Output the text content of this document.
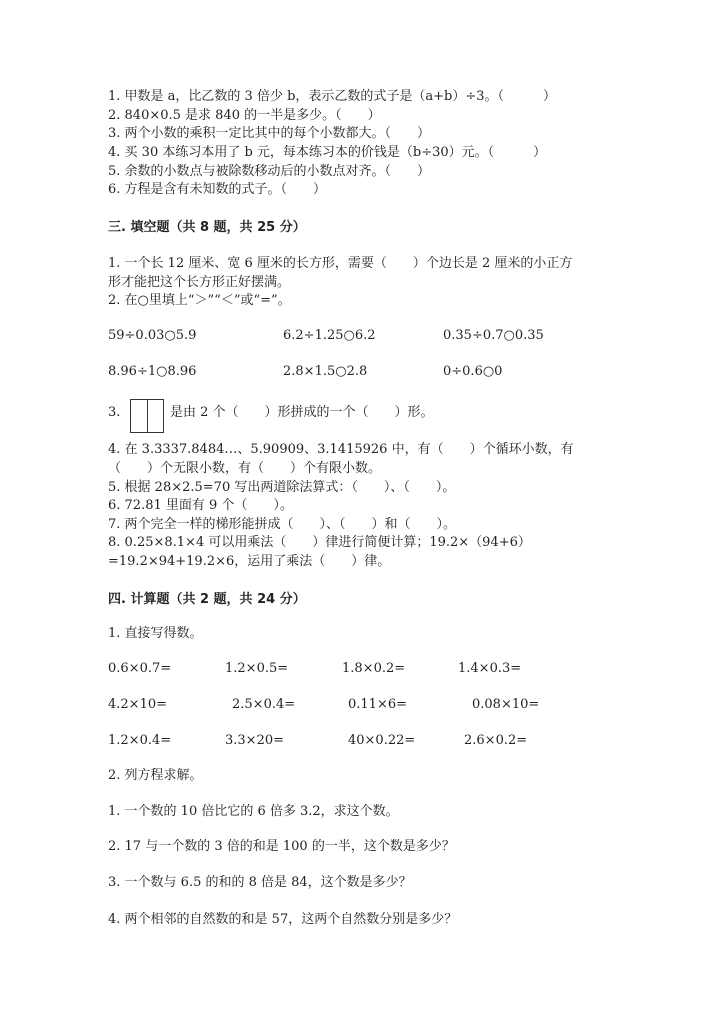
1. 甲数是 a，比乙数的 3 倍少 b，表示乙数的式子是（a+b）÷3。（　　　）
2. 840×0.5 是求 840 的一半是多少。（　　）
3. 两个小数的乘积一定比其中的每个小数都大。（　　）
4. 买 30 本练习本用了 b 元，每本练习本的价钱是（b÷30）元。（　　　）
5. 余数的小数点与被除数移动后的小数点对齐。（　　）
6. 方程是含有未知数的式子。（　　）
三. 填空题（共 8 题，共 25 分）
1. 一个长 12 厘米、宽 6 厘米的长方形，需要（　　）个边长是 2 厘米的小正方
形才能把这个长方形正好摆满。
2. 在○里填上“＞”“＜”或“=”。
59÷0.03○5.9	6.2÷1.25○6.2	0.35÷0.7○0.35
8.96÷1○8.96	2.8×1.5○2.8	0÷0.6○0
3.	是由 2 个（　　）形拼成的一个（　　）形。
4. 在 3.3337.8484…、5.90909、3.1415926 中，有（　　）个循环小数，有
（　　）个无限小数，有（　　）个有限小数。
5. 根据 28×2.5=70 写出两道除法算式：（　　）、（　　）。
6. 72.81 里面有 9 个（　　）。
7. 两个完全一样的梯形能拼成（　　）、（　　）和（　　）。
8. 0.25×8.1×4 可以用乘法（　　）律进行简便计算；19.2×（94+6）
=19.2×94+19.2×6，运用了乘法（　　）律。
四. 计算题（共 2 题，共 24 分）
1. 直接写得数。
0.6×0.7=	1.2×0.5=	1.8×0.2=	1.4×0.3=
4.2×10=	2.5×0.4=	0.11×6=	0.08×10=
1.2×0.4=	3.3×20=	40×0.22=	2.6×0.2=
2. 列方程求解。
1. 一个数的 10 倍比它的 6 倍多 3.2，求这个数。
2. 17 与一个数的 3 倍的和是 100 的一半，这个数是多少？
3. 一个数与 6.5 的和的 8 倍是 84，这个数是多少？
4. 两个相邻的自然数的和是 57，这两个自然数分别是多少？
